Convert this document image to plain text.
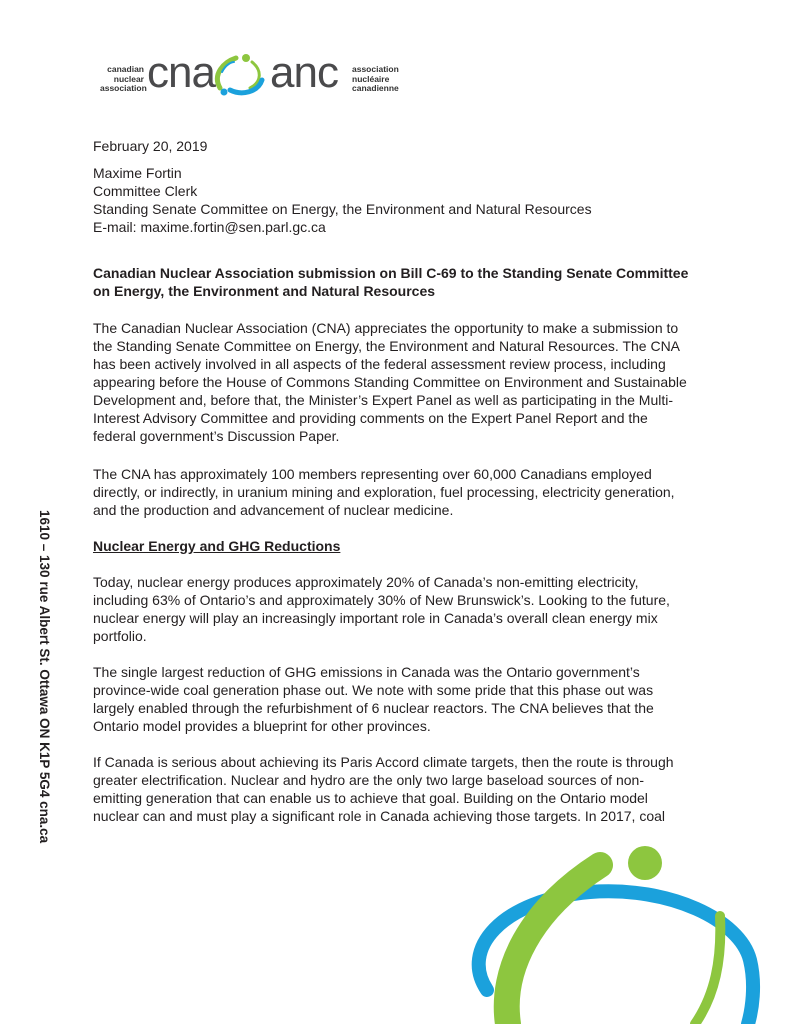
canadian
nuclear
association cna anc association
nucléaire
canadienne
February 20, 2019
Maxime Fortin
Committee Clerk
Standing Senate Committee on Energy, the Environment and Natural Resources
E-mail: maxime.fortin@sen.parl.gc.ca
Canadian Nuclear Association submission on Bill C-69 to the Standing Senate Committee
on Energy, the Environment and Natural Resources
The Canadian Nuclear Association (CNA) appreciates the opportunity to make a submission to
the Standing Senate Committee on Energy, the Environment and Natural Resources. The CNA
has been actively involved in all aspects of the federal assessment review process, including
appearing before the House of Commons Standing Committee on Environment and Sustainable
Development and, before that, the Minister’s Expert Panel as well as participating in the Multi-
Interest Advisory Committee and providing comments on the Expert Panel Report and the
federal government’s Discussion Paper.
The CNA has approximately 100 members representing over 60,000 Canadians employed
directly, or indirectly, in uranium mining and exploration, fuel processing, electricity generation,
and the production and advancement of nuclear medicine.
Nuclear Energy and GHG Reductions
Today, nuclear energy produces approximately 20% of Canada’s non-emitting electricity,
including 63% of Ontario’s and approximately 30% of New Brunswick’s. Looking to the future,
nuclear energy will play an increasingly important role in Canada’s overall clean energy mix
portfolio.
The single largest reduction of GHG emissions in Canada was the Ontario government’s
province-wide coal generation phase out. We note with some pride that this phase out was
largely enabled through the refurbishment of 6 nuclear reactors. The CNA believes that the
Ontario model provides a blueprint for other provinces.
If Canada is serious about achieving its Paris Accord climate targets, then the route is through
greater electrification. Nuclear and hydro are the only two large baseload sources of non-
emitting generation that can enable us to achieve that goal. Building on the Ontario model
nuclear can and must play a significant role in Canada achieving those targets. In 2017, coal
1610 – 130 rue Albert St. Ottawa ON K1P 5G4 cna.ca
